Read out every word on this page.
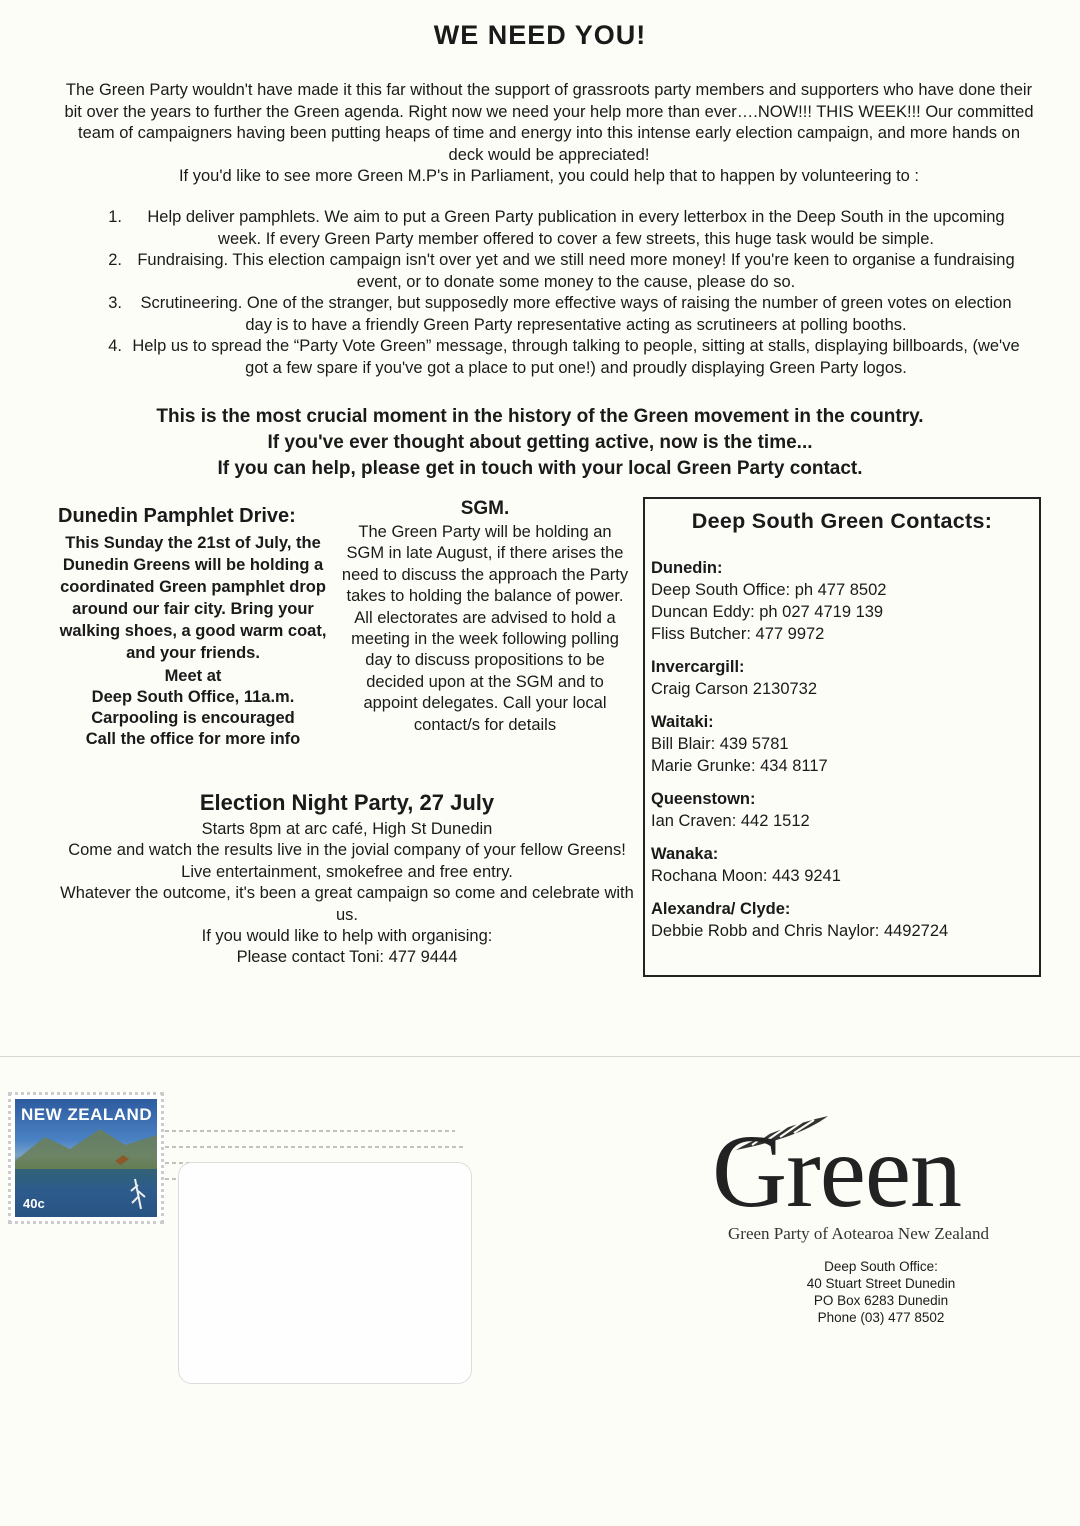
WE NEED YOU!

The Green Party wouldn't have made it this far without the support of grassroots party members and supporters who have done their bit over the years to further the Green agenda. Right now we need your help more than ever….NOW!!! THIS WEEK!!! Our committed team of campaigners having been putting heaps of time and energy into this intense early election campaign, and more hands on deck would be appreciated!

If you'd like to see more Green M.P's in Parliament, you could help that to happen by volunteering to :

1.	Help deliver pamphlets. We aim to put a Green Party publication in every letterbox in the Deep South in the upcoming week. If every Green Party member offered to cover a few streets, this huge task would be simple.
2. Fundraising. This election campaign isn't over yet and we still need more money! If you're keen to organise a fundraising event, or to donate some money to the cause, please do so.
3.	Scrutineering. One of the stranger, but supposedly more effective ways of raising the number of green votes on election day is to have a friendly Green Party representative acting as scrutineers at polling booths.
4. Help us to spread the “Party Vote Green” message, through talking to people, sitting at stalls, displaying billboards, (we've got a few spare if you've got a place to put one!) and proudly displaying Green Party logos.

This is the most crucial moment in the history of the Green movement in the country.

If you've ever thought about getting active, now is the time...

If you can help, please get in touch with your local Green Party contact.

Dunedin Pamphlet Drive:
This Sunday the 21st of July, the Dunedin Greens will be holding a coordinated Green pamphlet drop around our fair city. Bring your walking shoes, a good warm coat, and your friends.
Meet at
Deep South Office, 11a.m.
Carpooling is encouraged
Call the office for more info
SGM.
The Green Party will be holding an SGM in late August, if there arises the need to discuss the approach the Party takes to holding the balance of power. All electorates are advised to hold a meeting in the week following polling day to discuss propositions to be decided upon at the SGM and to appoint delegates. Call your local contact/s for details
Deep South Green Contacts:
Dunedin:
Deep South Office: ph 477 8502
Duncan Eddy: ph 027 4719 139
Fliss Butcher: 477 9972
Invercargill:
Craig Carson 2130732
Waitaki:
Bill Blair: 439 5781
Marie Grunke: 434 8117
Queenstown:
Ian Craven: 442 1512
Wanaka:
Rochana Moon: 443 9241
Alexandra/ Clyde:
Debbie Robb and Chris Naylor: 4492724
Election Night Party, 27 July
Starts 8pm at arc café, High St Dunedin
Come and watch the results live in the jovial company of your fellow Greens! Live entertainment, smokefree and free entry.
Whatever the outcome, it's been a great campaign so come and celebrate with us.
If you would like to help with organising:
Please contact Toni: 477 9444
NEW ZEALAND
40c	Green
Green Party of Aotearoa New Zealand
Deep South Office:
40 Stuart Street Dunedin
PO Box 6283 Dunedin
Phone (03) 477 8502
